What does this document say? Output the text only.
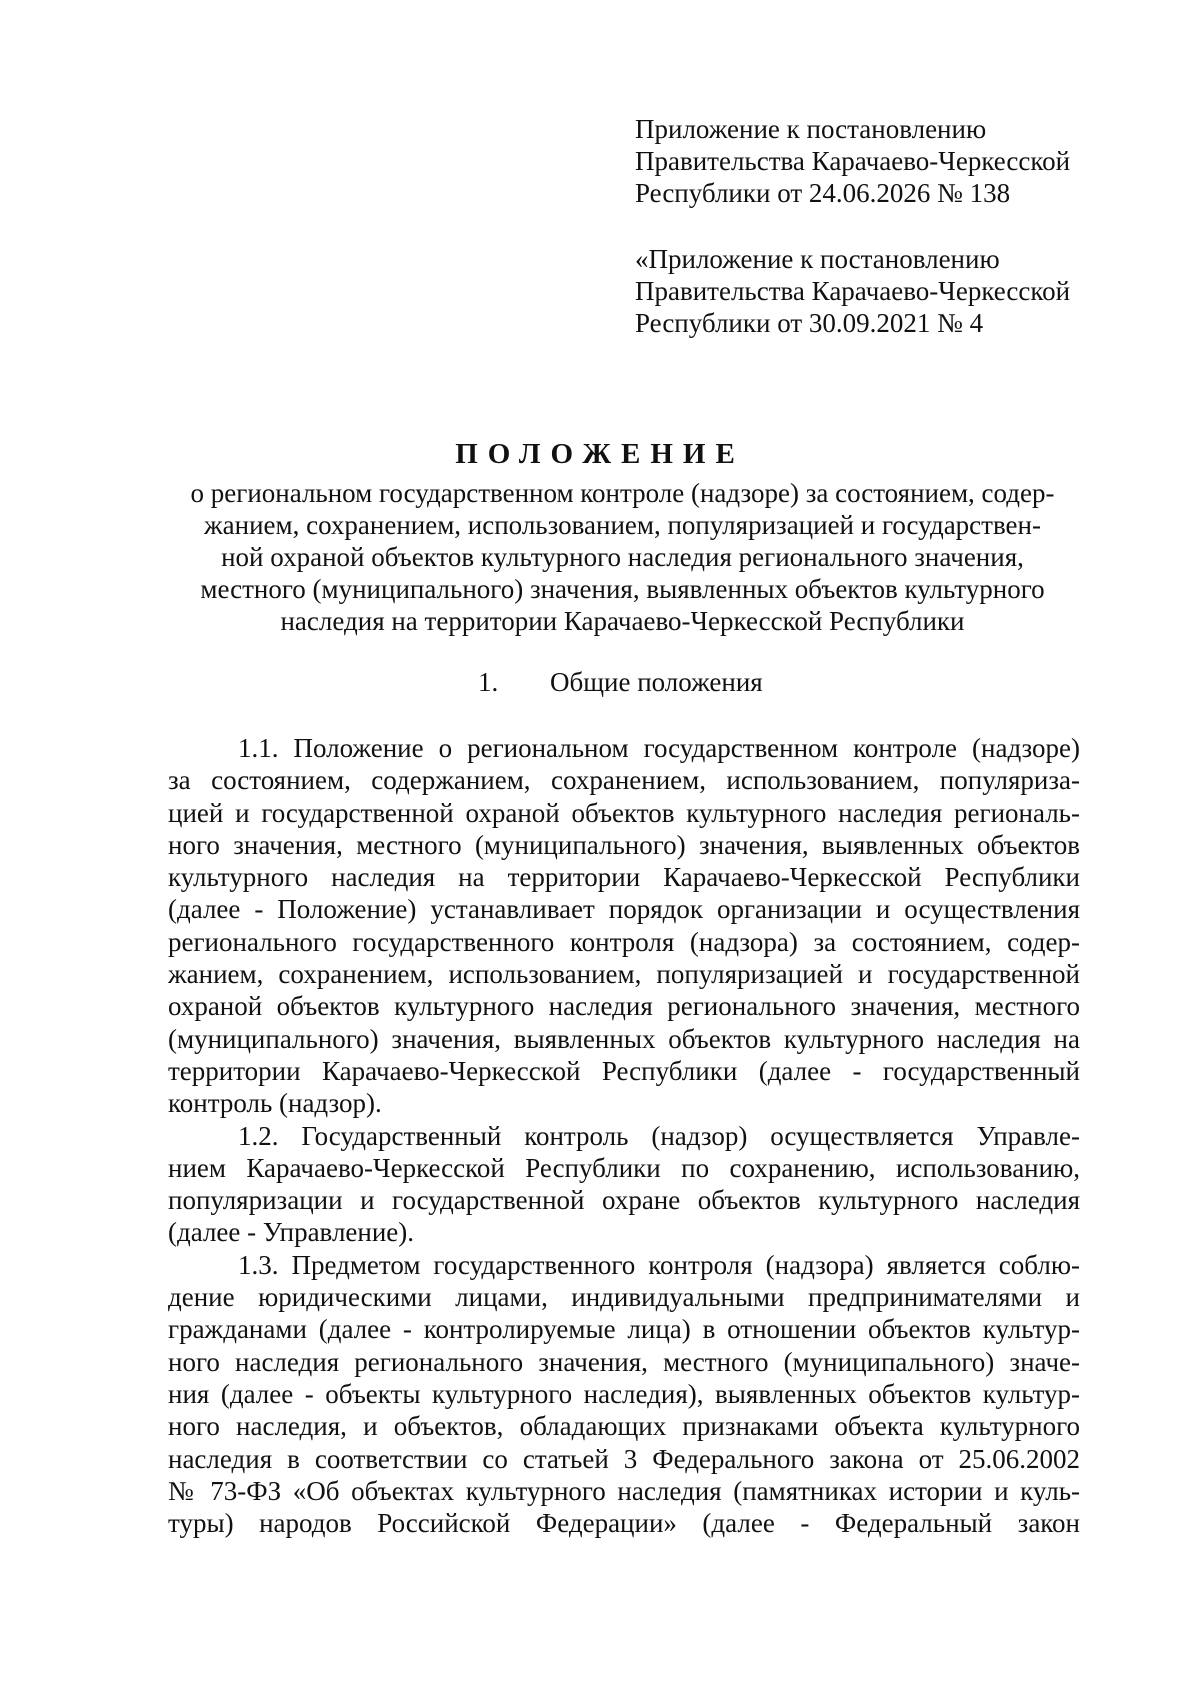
Приложение к постановлению
Правительства Карачаево-Черкесской
Республики от 24.06.2026 № 138
«Приложение к постановлению
Правительства Карачаево-Черкесской
Республики от 30.09.2021 № 4
ПОЛОЖЕНИЕ
о региональном государственном контроле (надзоре) за состоянием, содер-
жанием, сохранением, использованием, популяризацией и государствен-
ной охраной объектов культурного наследия регионального значения,
местного (муниципального) значения, выявленных объектов культурного
наследия на территории Карачаево-Черкесской Республики
1. Общие положения
1.1. Положение о региональном государственном контроле (надзоре)
за состоянием, содержанием, сохранением, использованием, популяриза-
цией и государственной охраной объектов культурного наследия региональ-
ного значения, местного (муниципального) значения, выявленных объектов
культурного наследия на территории Карачаево-Черкесской Республики
(далее - Положение) устанавливает порядок организации и осуществления
регионального государственного контроля (надзора) за состоянием, содер-
жанием, сохранением, использованием, популяризацией и государственной
охраной объектов культурного наследия регионального значения, местного
(муниципального) значения, выявленных объектов культурного наследия на
территории Карачаево-Черкесской Республики (далее - государственный
контроль (надзор).
1.2. Государственный контроль (надзор) осуществляется Управле-
нием Карачаево-Черкесской Республики по сохранению, использованию,
популяризации и государственной охране объектов культурного наследия
(далее - Управление).
1.3. Предметом государственного контроля (надзора) является соблю-
дение юридическими лицами, индивидуальными предпринимателями и
гражданами (далее - контролируемые лица) в отношении объектов культур-
ного наследия регионального значения, местного (муниципального) значе-
ния (далее - объекты культурного наследия), выявленных объектов культур-
ного наследия, и объектов, обладающих признаками объекта культурного
наследия в соответствии со статьей 3 Федерального закона от 25.06.2002
№ 73-ФЗ «Об объектах культурного наследия (памятниках истории и куль-
туры) народов Российской Федерации» (далее - Федеральный закон
